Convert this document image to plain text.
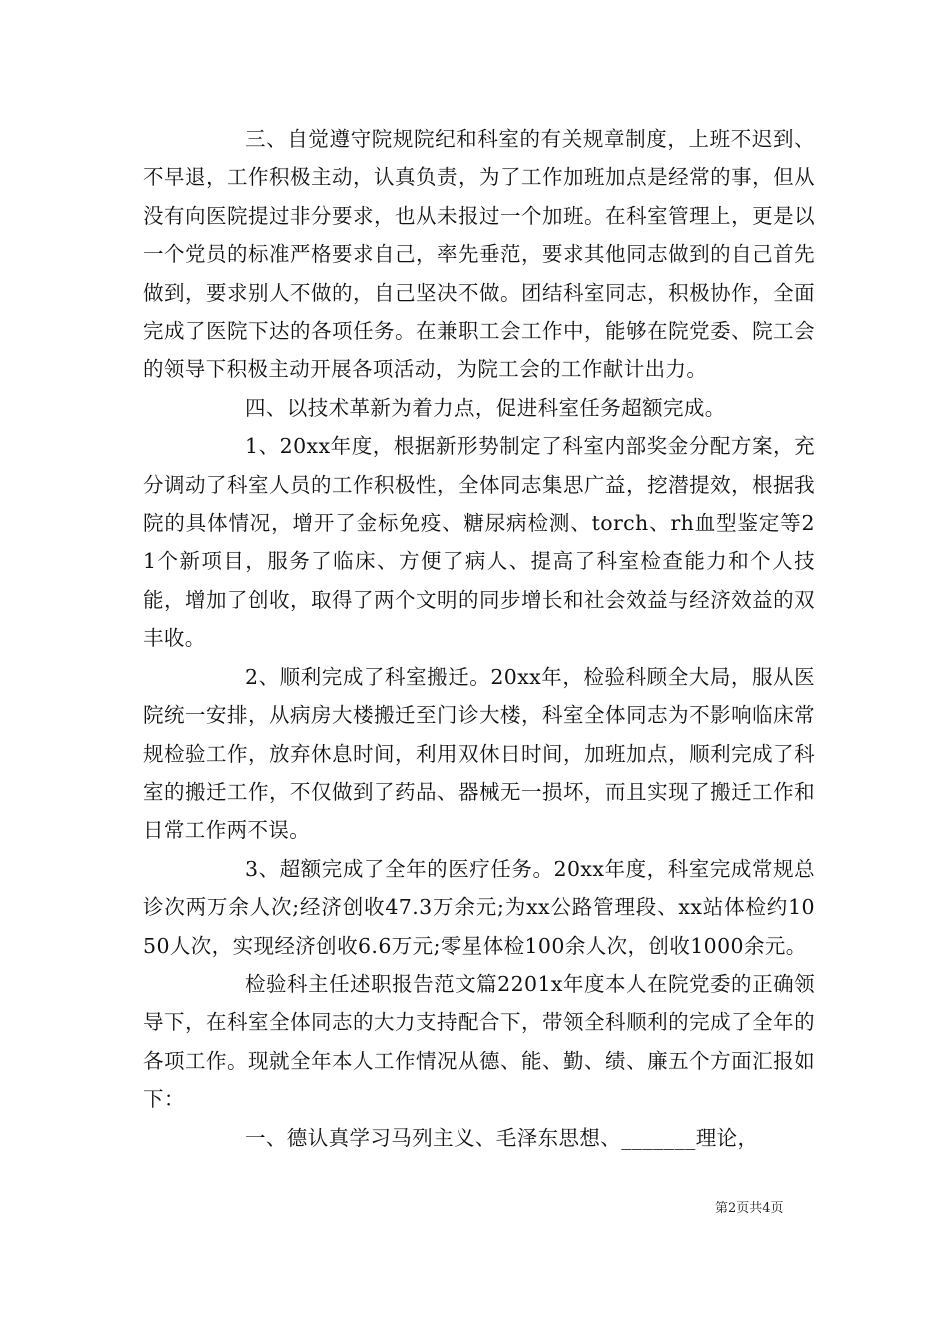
三、自觉遵守院规院纪和科室的有关规章制度，上班不迟到、不早退，工作积极主动，认真负责，为了工作加班加点是经常的事，但从没有向医院提过非分要求，也从未报过一个加班。在科室管理上，更是以一个党员的标准严格要求自己，率先垂范，要求其他同志做到的自己首先做到，要求别人不做的，自己坚决不做。团结科室同志，积极协作，全面完成了医院下达的各项任务。在兼职工会工作中，能够在院党委、院工会的领导下积极主动开展各项活动，为院工会的工作献计出力。

四、以技术革新为着力点，促进科室任务超额完成。

1、20xx年度，根据新形势制定了科室内部奖金分配方案，充分调动了科室人员的工作积极性，全体同志集思广益，挖潜提效，根据我院的具体情况，增开了金标免疫、糖尿病检测、torch、rh血型鉴定等21个新项目，服务了临床、方便了病人、提高了科室检查能力和个人技能，增加了创收，取得了两个文明的同步增长和社会效益与经济效益的双丰收。

2、顺利完成了科室搬迁。20xx年，检验科顾全大局，服从医院统一安排，从病房大楼搬迁至门诊大楼，科室全体同志为不影响临床常规检验工作，放弃休息时间，利用双休日时间，加班加点，顺利完成了科室的搬迁工作，不仅做到了药品、器械无一损坏，而且实现了搬迁工作和日常工作两不误。

3、超额完成了全年的医疗任务。20xx年度，科室完成常规总诊次两万余人次;经济创收47.3万余元;为xx公路管理段、xx站体检约1050人次，实现经济创收6.6万元;零星体检100余人次，创收1000余元。

检验科主任述职报告范文篇2201x年度本人在院党委的正确领导下，在科室全体同志的大力支持配合下，带领全科顺利的完成了全年的各项工作。现就全年本人工作情况从德、能、勤、绩、廉五个方面汇报如下：

一、德认真学习马列主义、毛泽东思想、_______理论，

第2页共4页
